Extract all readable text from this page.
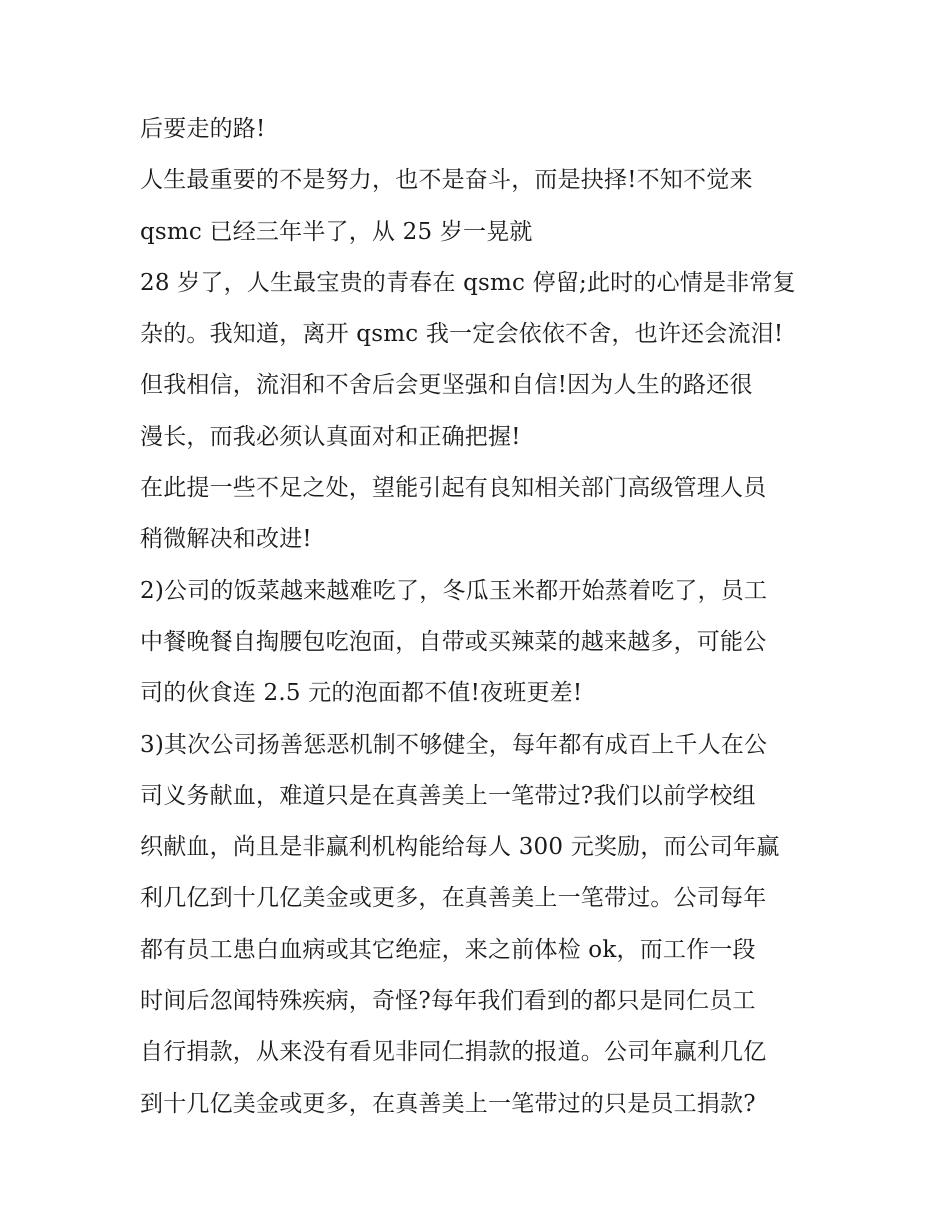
后要走的路!
人生最重要的不是努力，也不是奋斗，而是抉择!不知不觉来
qsmc 已经三年半了，从 25 岁一晃就
28 岁了，人生最宝贵的青春在 qsmc 停留;此时的心情是非常复
杂的。我知道，离开 qsmc 我一定会依依不舍，也许还会流泪!
但我相信，流泪和不舍后会更坚强和自信!因为人生的路还很
漫长，而我必须认真面对和正确把握!
在此提一些不足之处，望能引起有良知相关部门高级管理人员
稍微解决和改进!
2)公司的饭菜越来越难吃了，冬瓜玉米都开始蒸着吃了，员工
中餐晚餐自掏腰包吃泡面，自带或买辣菜的越来越多，可能公
司的伙食连 2.5 元的泡面都不值!夜班更差!
3)其次公司扬善惩恶机制不够健全，每年都有成百上千人在公
司义务献血，难道只是在真善美上一笔带过?我们以前学校组
织献血，尚且是非赢利机构能给每人 300 元奖励，而公司年赢
利几亿到十几亿美金或更多，在真善美上一笔带过。公司每年
都有员工患白血病或其它绝症，来之前体检 ok，而工作一段
时间后忽闻特殊疾病，奇怪?每年我们看到的都只是同仁员工
自行捐款，从来没有看见非同仁捐款的报道。公司年赢利几亿
到十几亿美金或更多，在真善美上一笔带过的只是员工捐款?
